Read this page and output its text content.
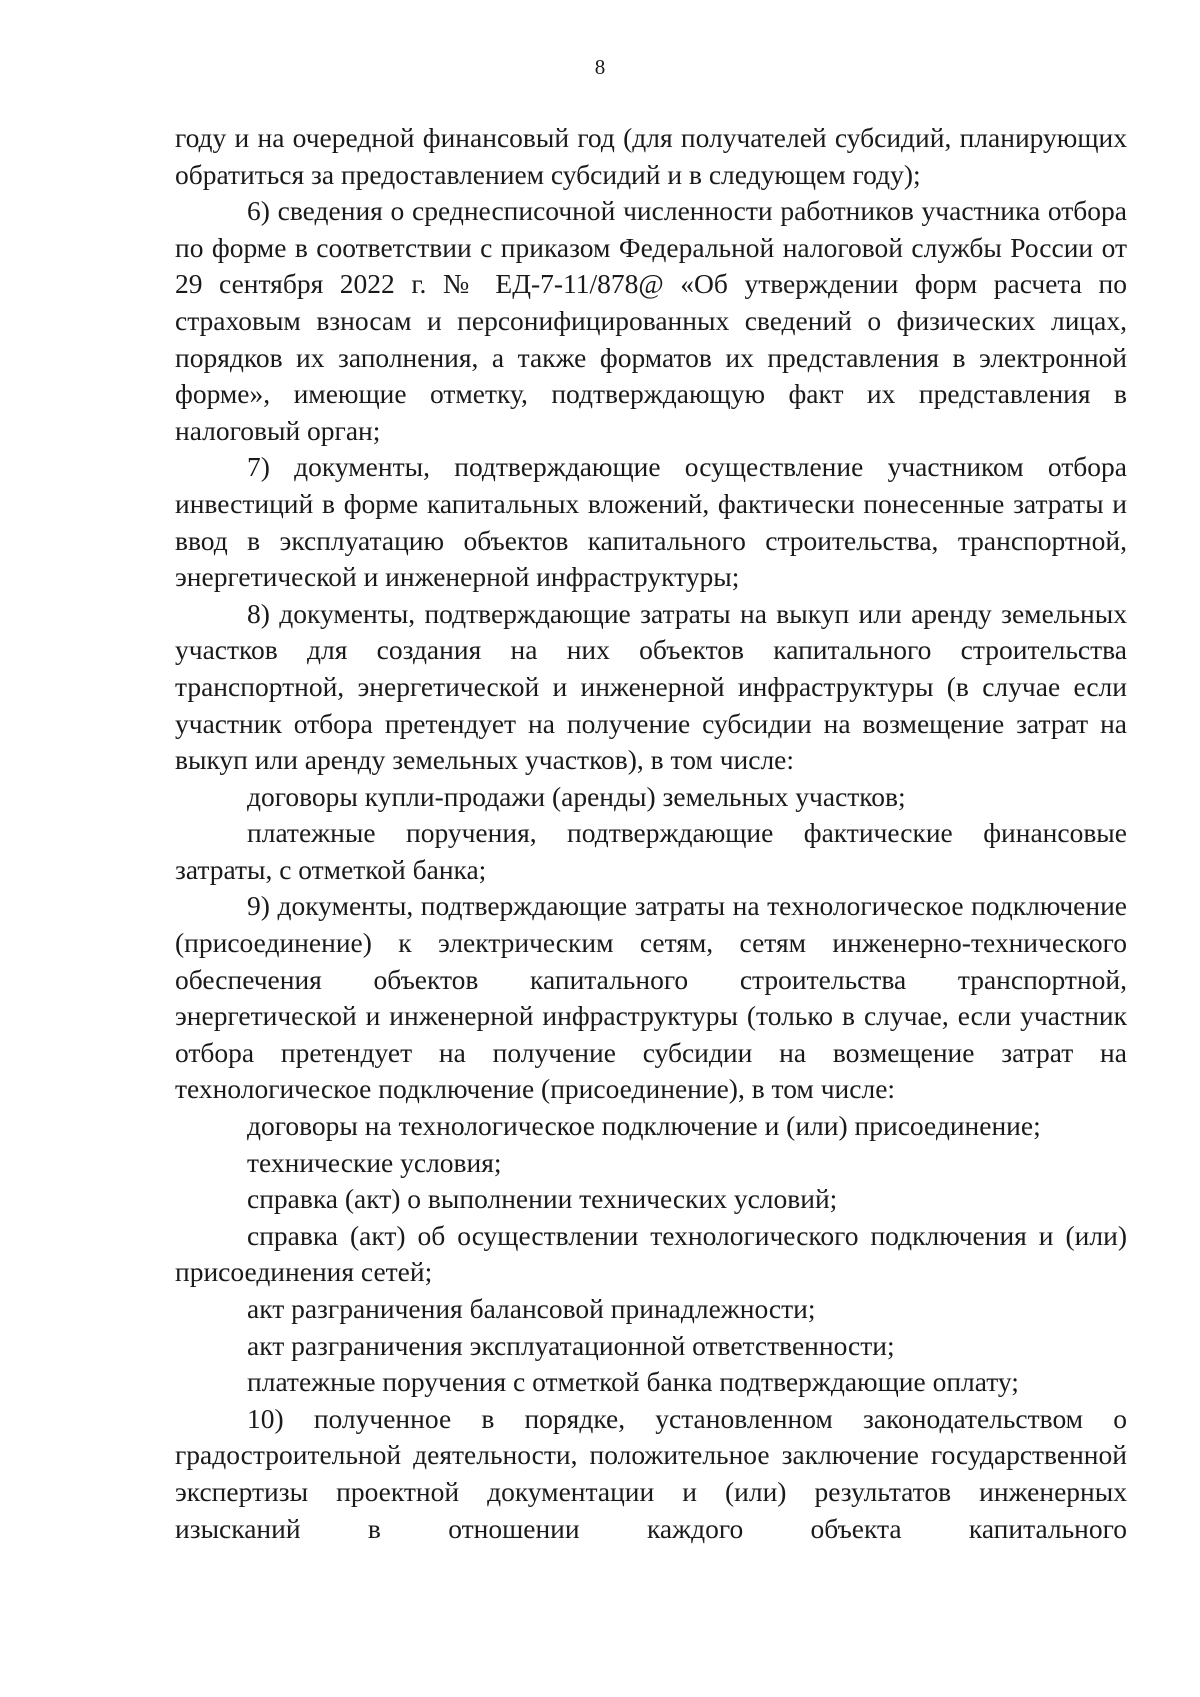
8

году и на очередной финансовый год (для получателей субсидий, планирующих обратиться за предоставлением субсидий и в следующем году);

6) сведения о среднесписочной численности работников участника отбора по форме в соответствии с приказом Федеральной налоговой службы России от 29 сентября 2022 г. № ЕД-7-11/878@ «Об утверждении форм расчета по страховым взносам и персонифицированных сведений о физических лицах, порядков их заполнения, а также форматов их представления в электронной форме», имеющие отметку, подтверждающую факт их представления в налоговый орган;

7) документы, подтверждающие осуществление участником отбора инвестиций в форме капитальных вложений, фактически понесенные затраты и ввод в эксплуатацию объектов капитального строительства, транспортной, энергетической и инженерной инфраструктуры;

8) документы, подтверждающие затраты на выкуп или аренду земельных участков для создания на них объектов капитального строительства транспортной, энергетической и инженерной инфраструктуры (в случае если участник отбора претендует на получение субсидии на возмещение затрат на выкуп или аренду земельных участков), в том числе:

договоры купли-продажи (аренды) земельных участков;

платежные поручения, подтверждающие фактические финансовые затраты, с отметкой банка;

9) документы, подтверждающие затраты на технологическое подключение (присоединение) к электрическим сетям, сетям инженерно-технического обеспечения объектов капитального строительства транспортной, энергетической и инженерной инфраструктуры (только в случае, если участник отбора претендует на получение субсидии на возмещение затрат на технологическое подключение (присоединение), в том числе:

договоры на технологическое подключение и (или) присоединение;

технические условия;

справка (акт) о выполнении технических условий;

справка (акт) об осуществлении технологического подключения и (или) присоединения сетей;

акт разграничения балансовой принадлежности;

акт разграничения эксплуатационной ответственности;

платежные поручения с отметкой банка подтверждающие оплату;

10) полученное в порядке, установленном законодательством о градостроительной деятельности, положительное заключение государственной экспертизы проектной документации и (или) результатов инженерных изысканий в отношении каждого объекта капитального
